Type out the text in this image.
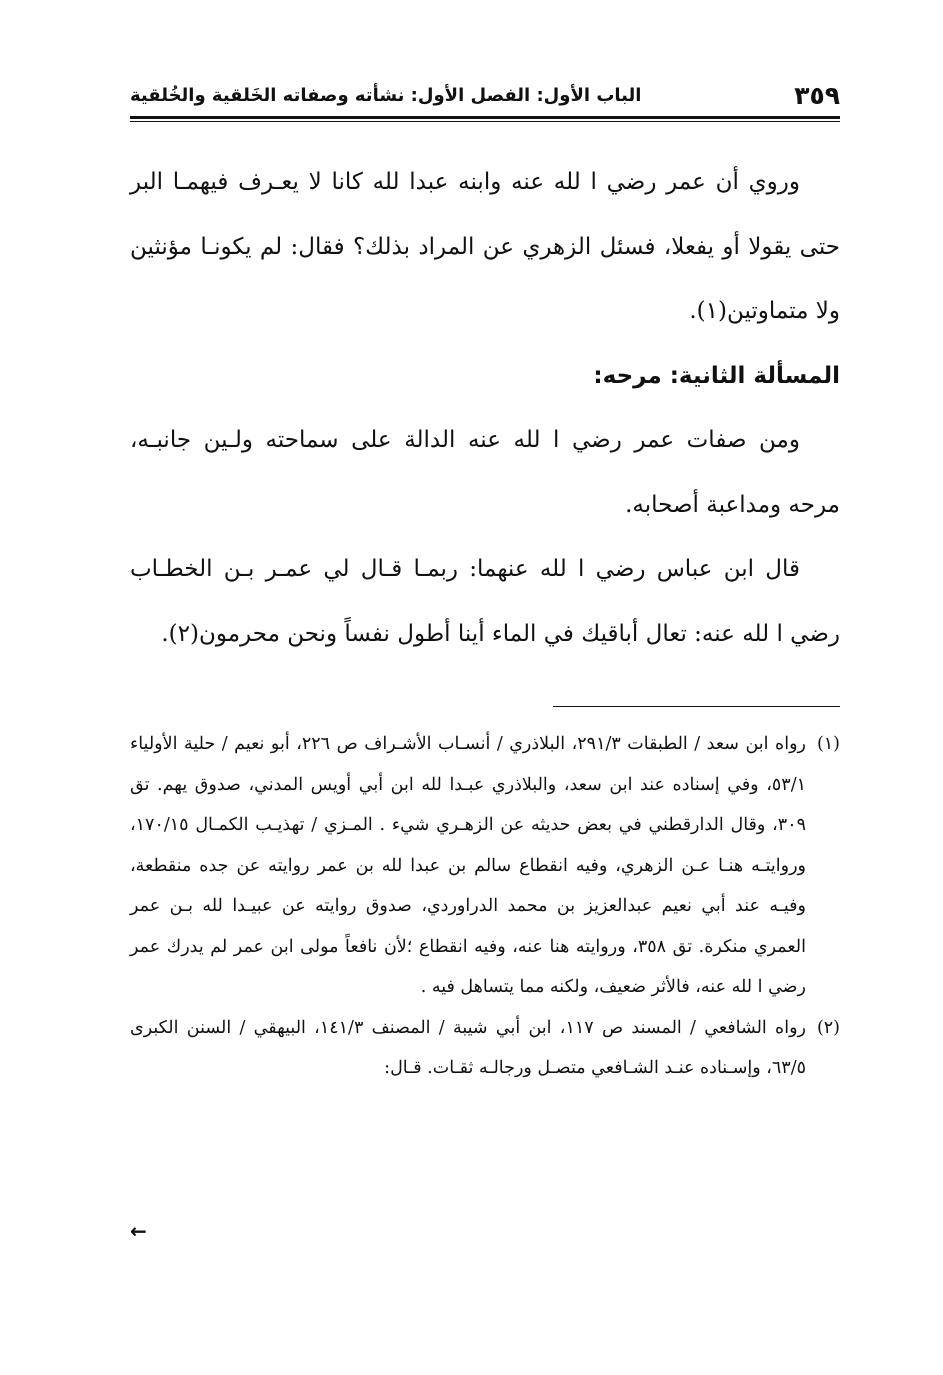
٣٥٩
الباب الأول: الفصل الأول: نشأته وصفاته الخَلقية والخُلقية

وروي أن عمر رضي ا لله عنه وابنه عبدا لله كانا لا يعـرف فيهمـا البر حتى يقولا أو يفعلا، فسئل الزهري عن المراد بذلك؟ فقال: لم يكونـا مؤنثين ولا متماوتين(١).

المسألة الثانية: مرحه:

ومن صفات عمر رضي ا لله عنه الدالة على سماحته ولـين جانبـه، مرحه ومداعبة أصحابه.

قال ابن عباس رضي ا لله عنهما: ربمـا قـال لي عمـر بـن الخطـاب رضي ا لله عنه: تعال أباقيك في الماء أينا أطول نفساً ونحن محرمون(٢).

(١)
رواه ابن سعد / الطبقات ٢٩١/٣، البلاذري / أنسـاب الأشـراف ص ٢٢٦، أبو نعيم / حلية الأولياء ٥٣/١، وفي إسناده عند ابن سعد، والبلاذري عبـدا لله ابن أبي أويس المدني، صدوق يهم. تق ٣٠٩، وقال الدارقطني في بعض حديثه عن الزهـري شيء . المـزي / تهذيـب الكمـال ١٧٠/١٥، وروايتـه هنـا عـن الزهري، وفيه انقطاع سالم بن عبدا لله بن عمر روايته عن جده منقطعة، وفيـه عند أبي نعيم عبدالعزيز بن محمد الدراوردي، صدوق روايته عن عبيـدا لله بـن عمر العمري منكرة. تق ٣٥٨، وروايته هنا عنه، وفيه انقطاع ؛لأن نافعاً مولى ابن عمر لم يدرك عمر رضي ا لله عنه، فالأثر ضعيف، ولكنه مما يتساهل فيه .
(٢)
رواه الشافعي / المسند ص ١١٧، ابن أبي شيبة / المصنف ١٤١/٣، البيهقي / السنن الكبرى ٦٣/٥، وإسـناده عنـد الشـافعي متصـل ورجالـه ثقـات. قـال:
←
